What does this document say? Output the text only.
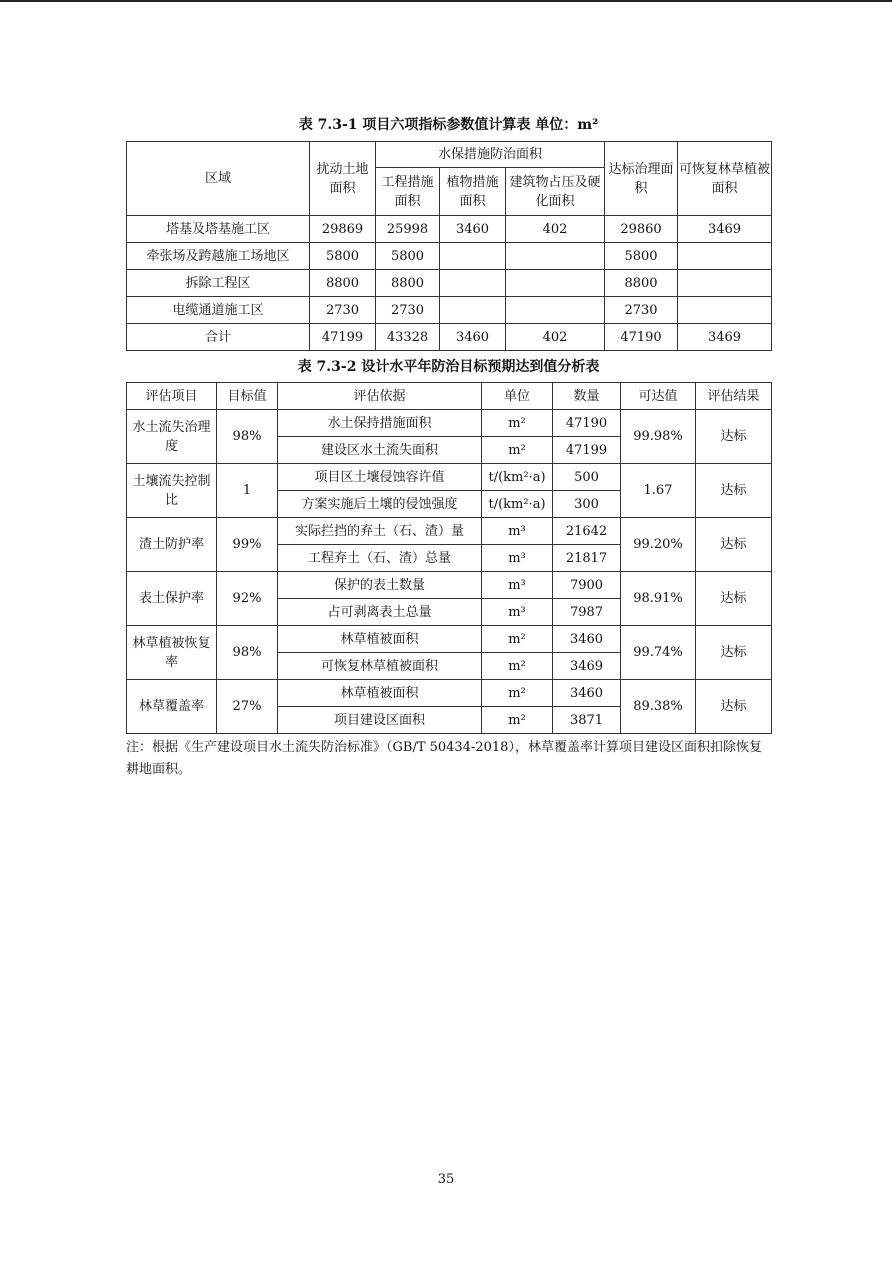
表 7.3-1 项目六项指标参数值计算表 单位：m²
区域	扰动土地面积	水保措施防治面积			达标治理面积	可恢复林草植被面积
		工程措施面积	植物措施面积	建筑物占压及硬化面积		
塔基及塔基施工区	29869	25998	3460	402	29860	3469
牵张场及跨越施工场地区	5800	5800			5800	
拆除工程区	8800	8800			8800	
电缆通道施工区	2730	2730			2730	
合计	47199	43328	3460	402	47190	3469
表 7.3-2 设计水平年防治目标预期达到值分析表
评估项目	目标值	评估依据	单位	数量	可达值	评估结果
水土流失治理度	98%	水土保持措施面积	m²	47190	99.98%	达标
		建设区水土流失面积	m²	47199		
土壤流失控制比	1	项目区土壤侵蚀容许值	t/(km²·a)	500	1.67	达标
		方案实施后土壤的侵蚀强度	t/(km²·a)	300		
渣土防护率	99%	实际拦挡的弃土（石、渣）量	m³	21642	99.20%	达标
		工程弃土（石、渣）总量	m³	21817		
表土保护率	92%	保护的表土数量	m³	7900	98.91%	达标
		占可剥离表土总量	m³	7987		
林草植被恢复率	98%	林草植被面积	m²	3460	99.74%	达标
		可恢复林草植被面积	m²	3469		
林草覆盖率	27%	林草植被面积	m²	3460	89.38%	达标
		项目建设区面积	m²	3871		
注：根据《生产建设项目水土流失防治标准》（GB/T 50434-2018），林草覆盖率计算项目建设区面积扣除恢复耕地面积。
35
